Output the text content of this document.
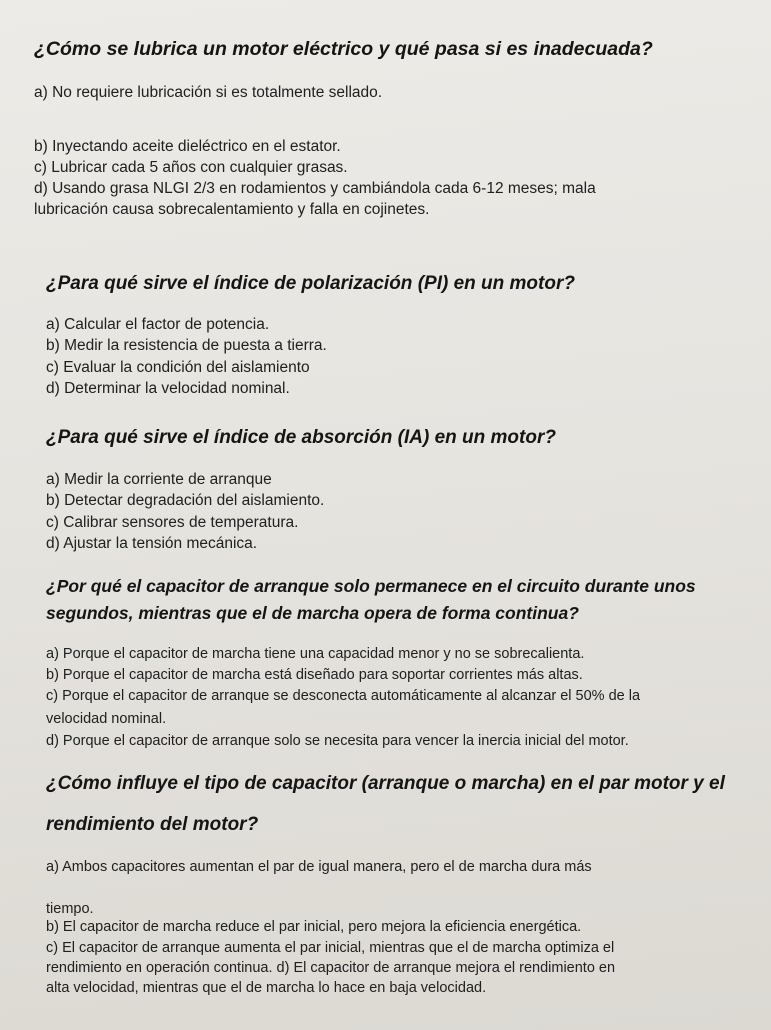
¿Cómo se lubrica un motor eléctrico y qué pasa si es inadecuada?
a) No requiere lubricación si es totalmente sellado.
b) Inyectando aceite dieléctrico en el estator.
c) Lubricar cada 5 años con cualquier grasas.
d) Usando grasa NLGI 2/3 en rodamientos y cambiándola cada 6-12 meses; mala
lubricación causa sobrecalentamiento y falla en cojinetes.
¿Para qué sirve el índice de polarización (PI) en un motor?
a) Calcular el factor de potencia.
b) Medir la resistencia de puesta a tierra.
c) Evaluar la condición del aislamiento
d) Determinar la velocidad nominal.
¿Para qué sirve el índice de absorción (IA) en un motor?
a) Medir la corriente de arranque
b) Detectar degradación del aislamiento.
c) Calibrar sensores de temperatura.
d) Ajustar la tensión mecánica.
¿Por qué el capacitor de arranque solo permanece en el circuito durante unos
segundos, mientras que el de marcha opera de forma continua?
a) Porque el capacitor de marcha tiene una capacidad menor y no se sobrecalienta.
b) Porque el capacitor de marcha está diseñado para soportar corrientes más altas.
c) Porque el capacitor de arranque se desconecta automáticamente al alcanzar el 50% de la
velocidad nominal.
d) Porque el capacitor de arranque solo se necesita para vencer la inercia inicial del motor.
¿Cómo influye el tipo de capacitor (arranque o marcha) en el par motor y el
rendimiento del motor?
a) Ambos capacitores aumentan el par de igual manera, pero el de marcha dura más
tiempo.
b) El capacitor de marcha reduce el par inicial, pero mejora la eficiencia energética.
c) El capacitor de arranque aumenta el par inicial, mientras que el de marcha optimiza el
rendimiento en operación continua. d) El capacitor de arranque mejora el rendimiento en
alta velocidad, mientras que el de marcha lo hace en baja velocidad.
